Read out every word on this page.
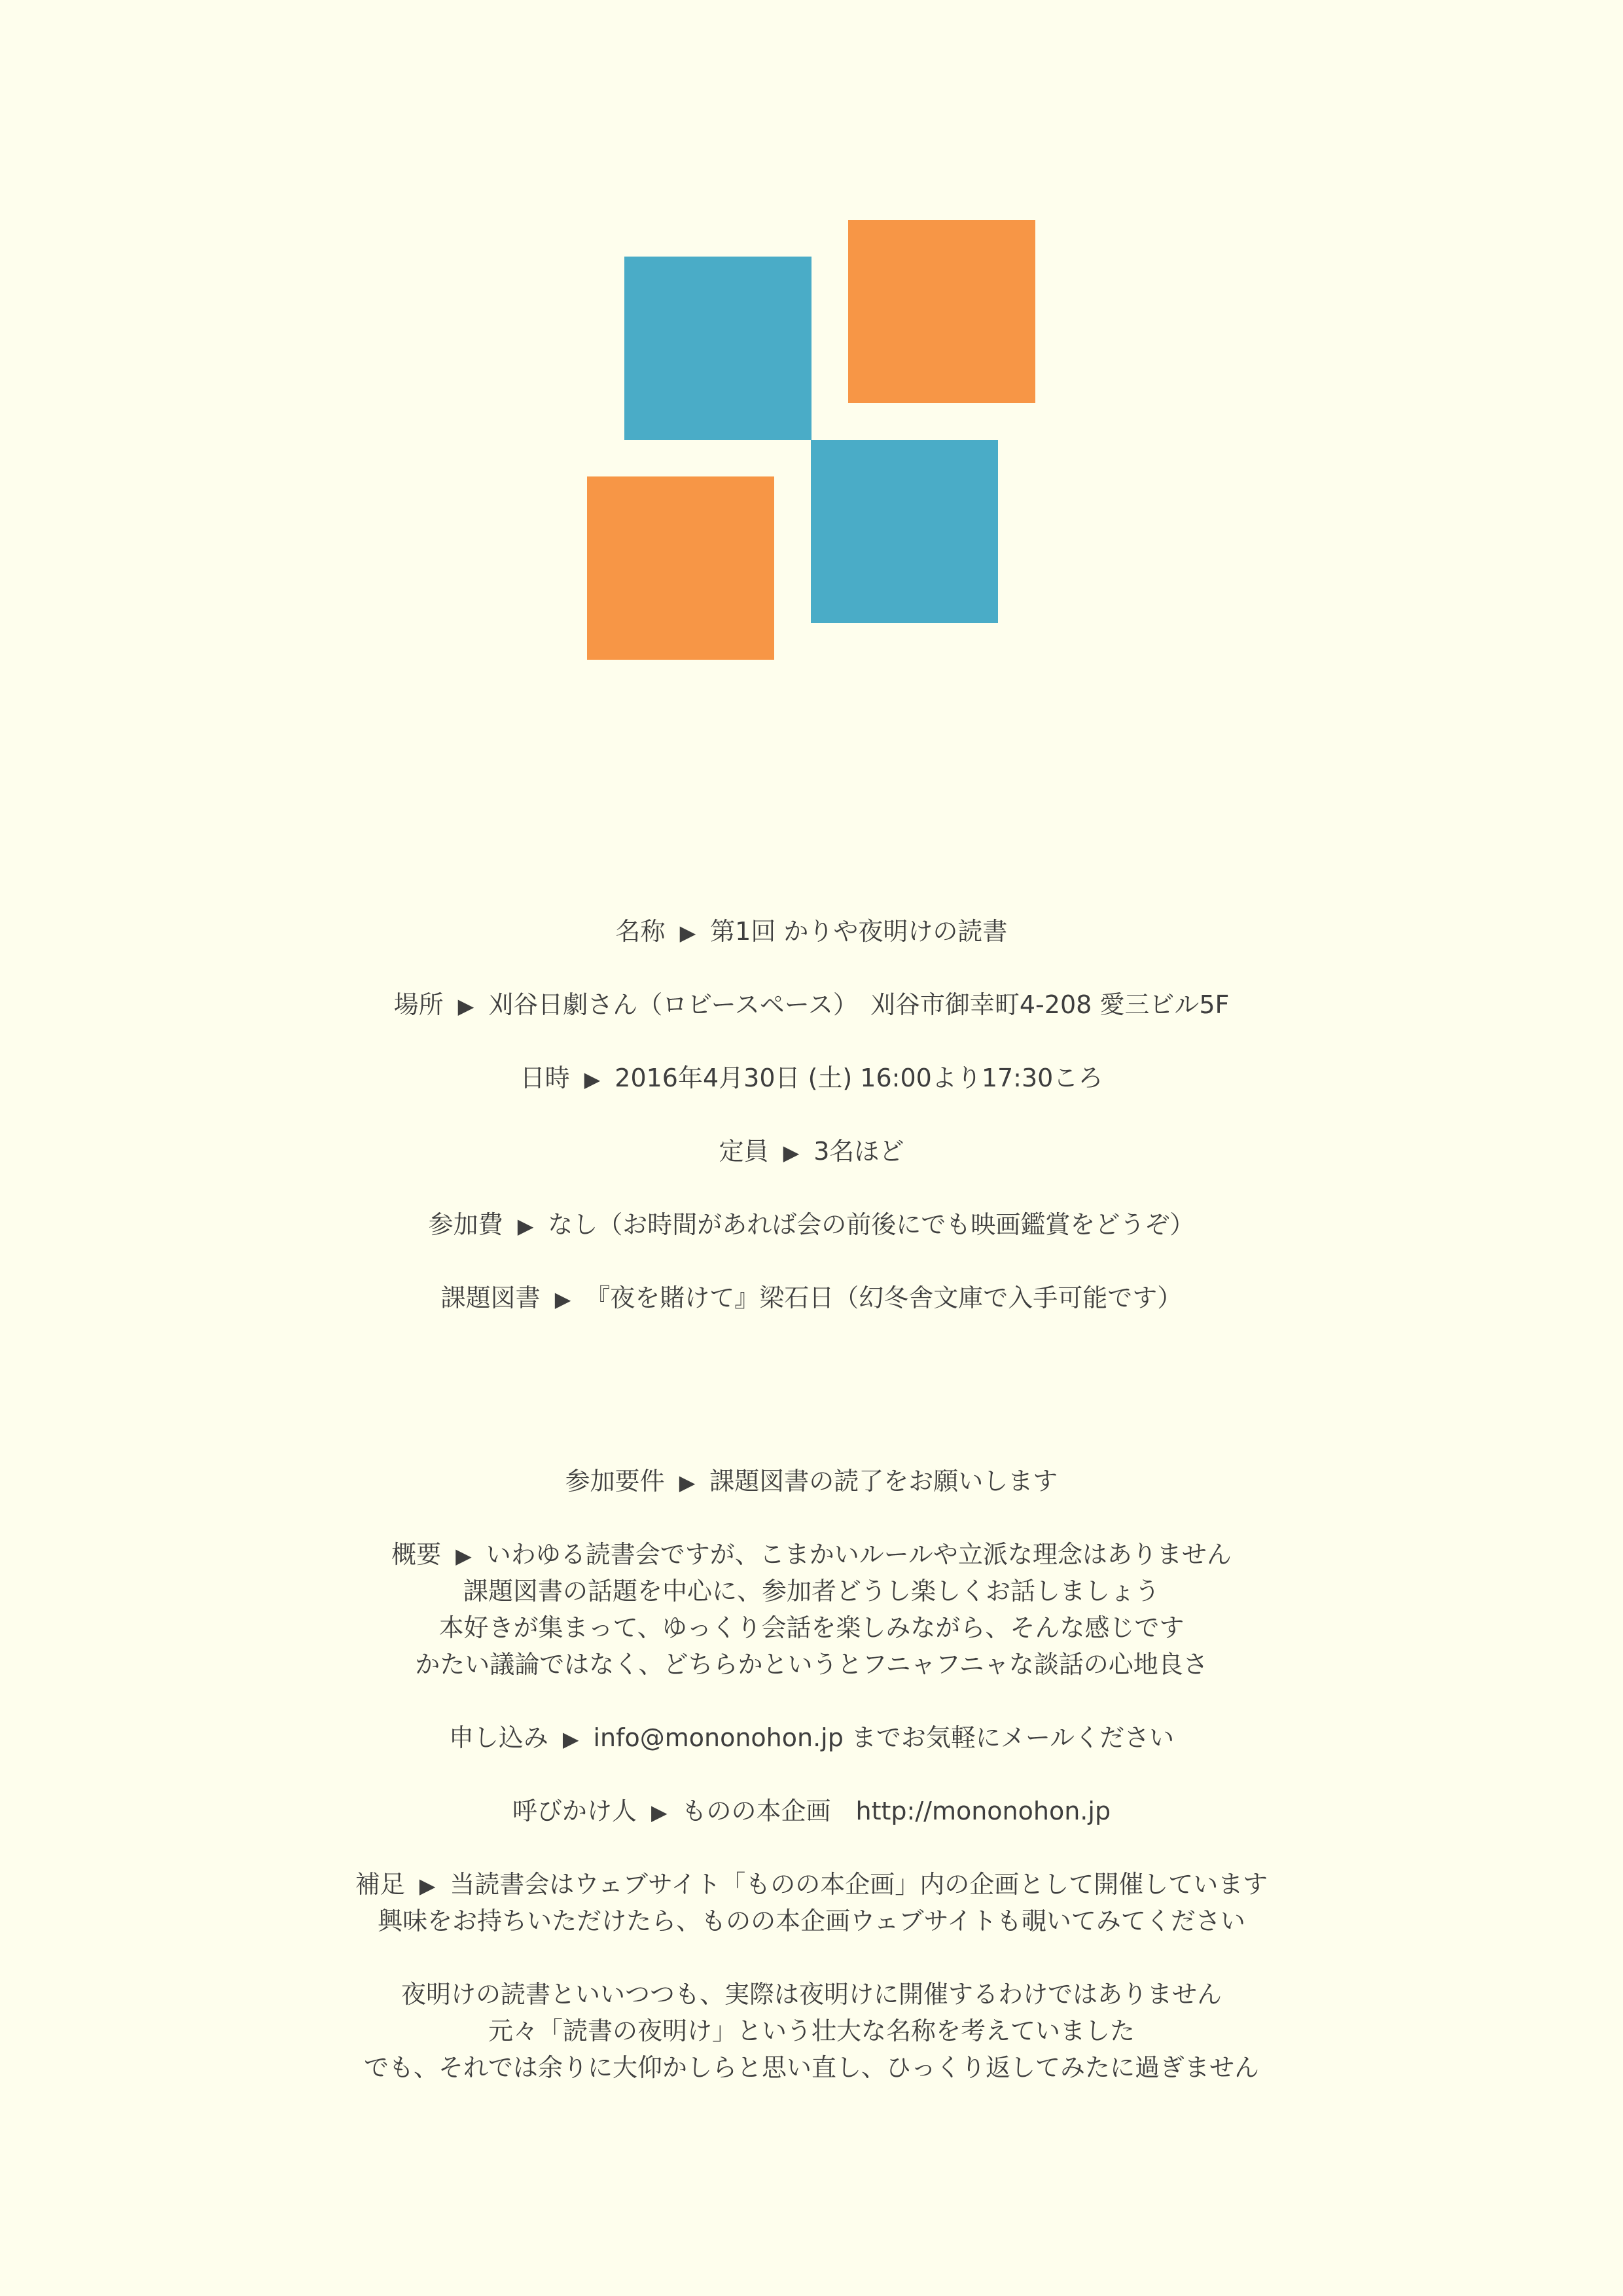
名称 ▶ 第1回 かりや夜明けの読書
場所 ▶ 刈谷日劇さん（ロビースペース）　刈谷市御幸町4-208 愛三ビル5F
日時 ▶ 2016年4月30日 (土) 16:00より17:30ころ
定員 ▶ 3名ほど
参加費 ▶ なし（お時間があれば会の前後にでも映画鑑賞をどうぞ）
課題図書 ▶ 『夜を賭けて』梁石日（幻冬舎文庫で入手可能です）
参加要件 ▶ 課題図書の読了をお願いします
概要 ▶ いわゆる読書会ですが、こまかいルールや立派な理念はありません
課題図書の話題を中心に、参加者どうし楽しくお話しましょう
本好きが集まって、ゆっくり会話を楽しみながら、そんな感じです
かたい議論ではなく、どちらかというとフニャフニャな談話の心地良さ
申し込み ▶ info@mononohon.jp までお気軽にメールください
呼びかけ人 ▶ ものの本企画　http://mononohon.jp
補足 ▶ 当読書会はウェブサイト「ものの本企画」内の企画として開催しています
興味をお持ちいただけたら、ものの本企画ウェブサイトも覗いてみてください
夜明けの読書といいつつも、実際は夜明けに開催するわけではありません
元々「読書の夜明け」という壮大な名称を考えていました
でも、それでは余りに大仰かしらと思い直し、ひっくり返してみたに過ぎません
